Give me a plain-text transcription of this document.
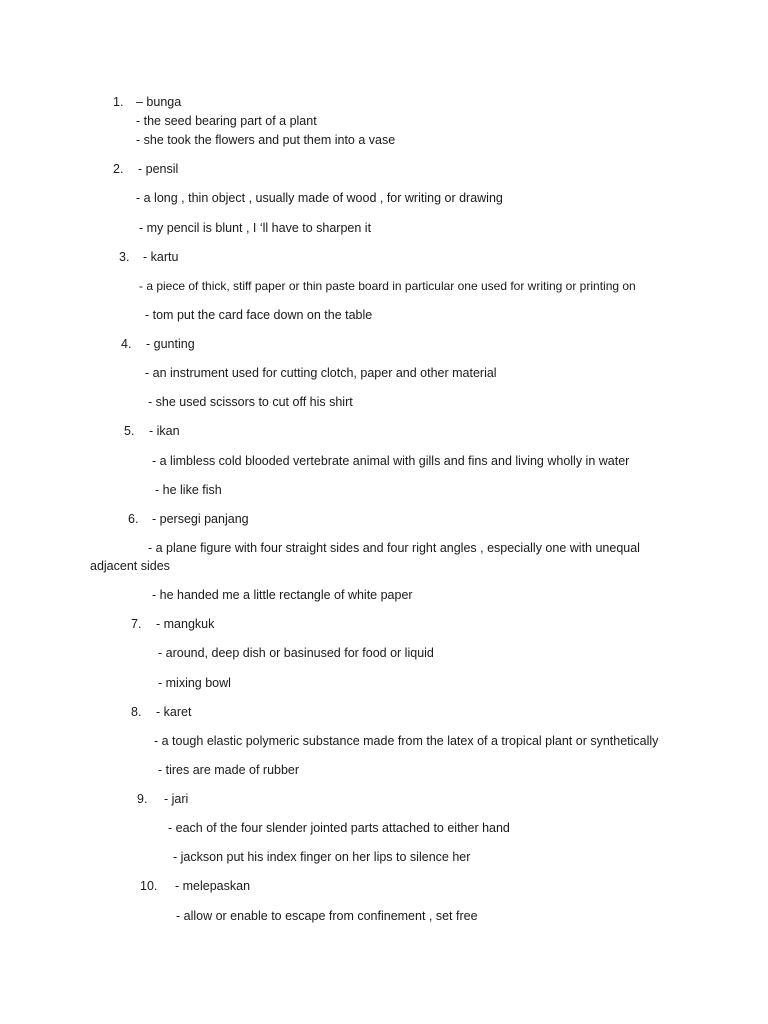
1. – bunga
- the seed bearing part of a plant
- she took the flowers and put them into a vase
2. - pensil
- a long , thin object , usually made of wood , for writing or drawing
- my pencil is blunt , I ‘ll have to sharpen it
3. - kartu
- a piece of thick, stiff paper or thin paste board in particular one used for writing or printing on
- tom put the card face down on the table
4. - gunting
- an instrument used for cutting clotch, paper and other material
- she used scissors to cut off his shirt
5. - ikan
- a limbless cold blooded vertebrate animal with gills and fins and living wholly in water
- he like fish
6. - persegi panjang
- a plane figure with four straight sides and four right angles , especially one with unequal
adjacent sides
- he handed me a little rectangle of white paper
7. - mangkuk
- around, deep dish or basinused for food or liquid
- mixing bowl
8. - karet
- a tough elastic polymeric substance made from the latex of a tropical plant or synthetically
- tires are made of rubber
9. - jari
- each of the four slender jointed parts attached to either hand
- jackson put his index finger on her lips to silence her
10. - melepaskan
- allow or enable to escape from confinement , set free
